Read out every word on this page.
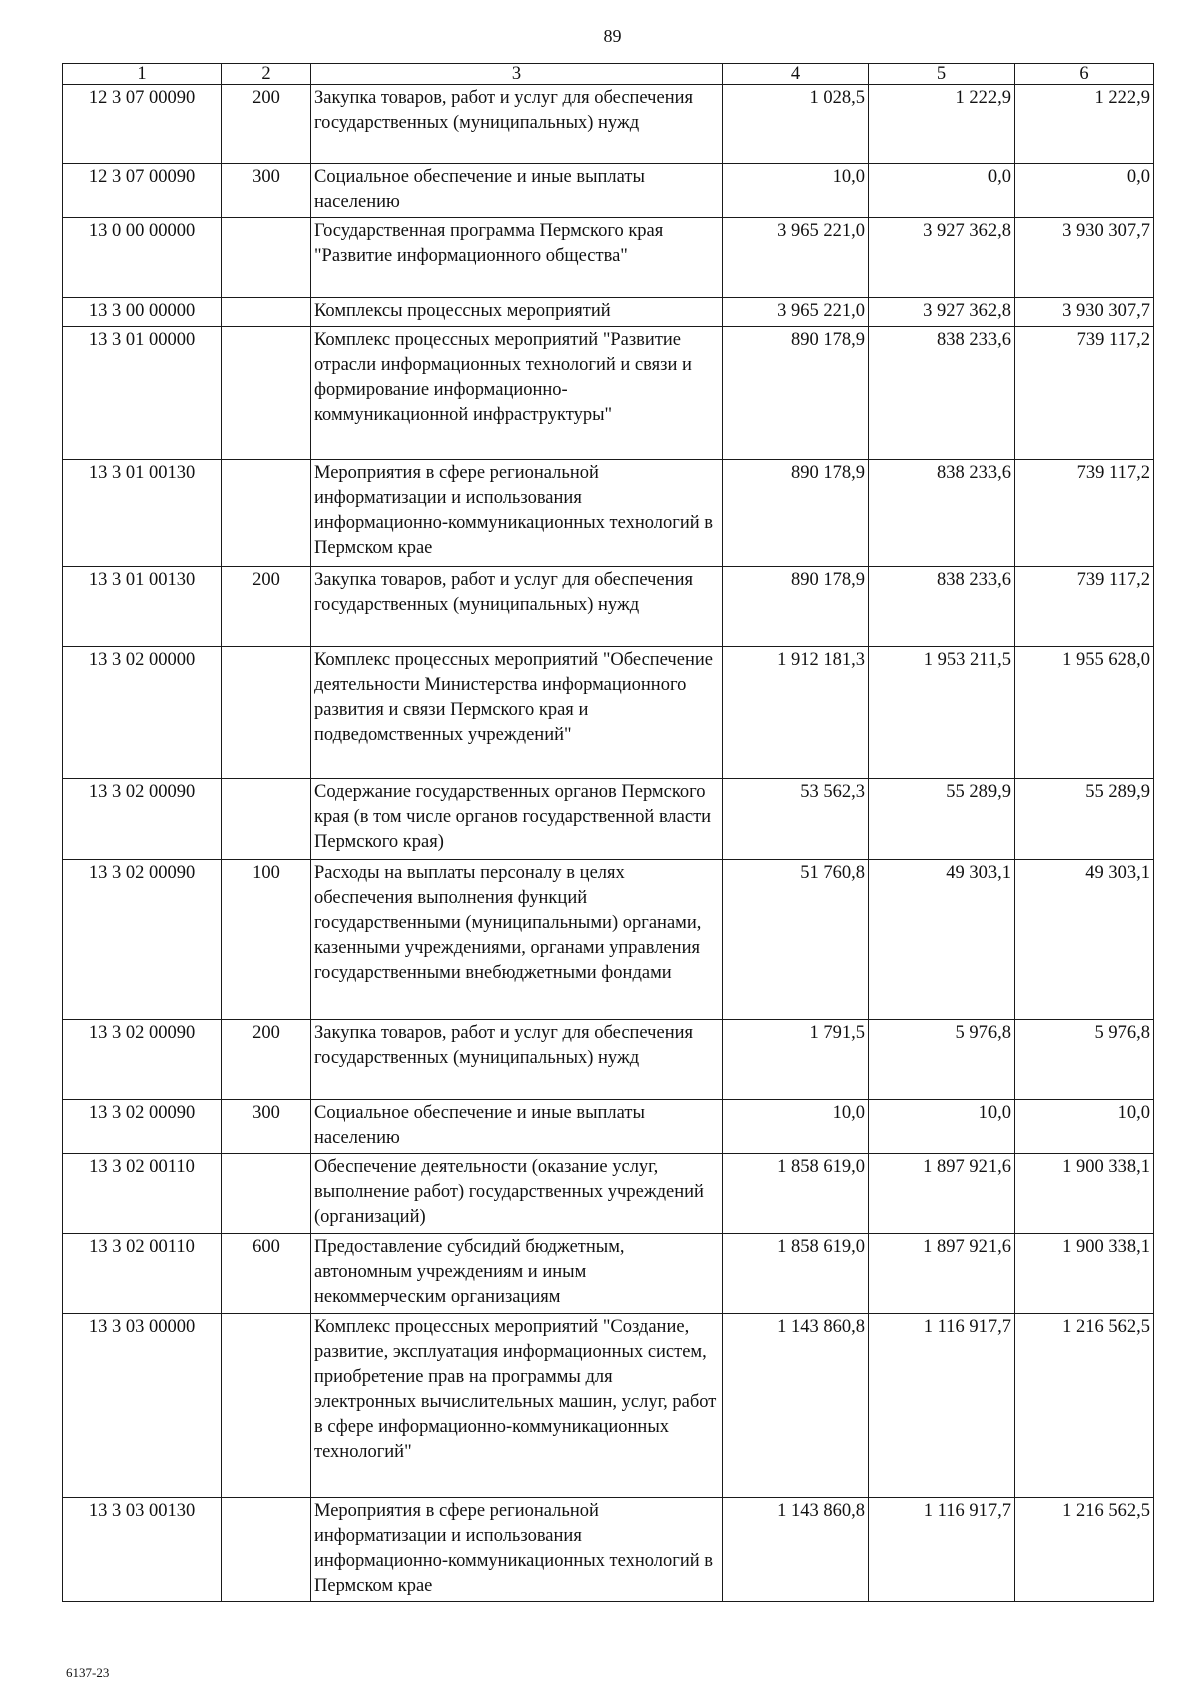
89
1	2	3	4	5	6
12 3 07 00090	200	Закупка товаров, работ и услуг для обеспечения государственных (муниципальных) нужд	1 028,5	1 222,9	1 222,9
12 3 07 00090	300	Социальное обеспечение и иные выплаты населению	10,0	0,0	0,0
13 0 00 00000		Государственная программа Пермского края "Развитие информационного общества"	3 965 221,0	3 927 362,8	3 930 307,7
13 3 00 00000		Комплексы процессных мероприятий	3 965 221,0	3 927 362,8	3 930 307,7
13 3 01 00000		Комплекс процессных мероприятий "Развитие отрасли информационных технологий и связи и формирование информационно-коммуникационной инфраструктуры"	890 178,9	838 233,6	739 117,2
13 3 01 00130		Мероприятия в сфере региональной информатизации и использования информационно-коммуникационных технологий в Пермском крае	890 178,9	838 233,6	739 117,2
13 3 01 00130	200	Закупка товаров, работ и услуг для обеспечения государственных (муниципальных) нужд	890 178,9	838 233,6	739 117,2
13 3 02 00000		Комплекс процессных мероприятий "Обеспечение деятельности Министерства информационного развития и связи Пермского края и подведомственных учреждений"	1 912 181,3	1 953 211,5	1 955 628,0
13 3 02 00090		Содержание государственных органов Пермского края (в том числе органов государственной власти Пермского края)	53 562,3	55 289,9	55 289,9
13 3 02 00090	100	Расходы на выплаты персоналу в целях обеспечения выполнения функций государственными (муниципальными) органами, казенными учреждениями, органами управления государственными внебюджетными фондами	51 760,8	49 303,1	49 303,1
13 3 02 00090	200	Закупка товаров, работ и услуг для обеспечения государственных (муниципальных) нужд	1 791,5	5 976,8	5 976,8
13 3 02 00090	300	Социальное обеспечение и иные выплаты населению	10,0	10,0	10,0
13 3 02 00110		Обеспечение деятельности (оказание услуг, выполнение работ) государственных учреждений (организаций)	1 858 619,0	1 897 921,6	1 900 338,1
13 3 02 00110	600	Предоставление субсидий бюджетным, автономным учреждениям и иным некоммерческим организациям	1 858 619,0	1 897 921,6	1 900 338,1
13 3 03 00000		Комплекс процессных мероприятий "Создание, развитие, эксплуатация информационных систем, приобретение прав на программы для электронных вычислительных машин, услуг, работ в сфере информационно-коммуникационных технологий"	1 143 860,8	1 116 917,7	1 216 562,5
13 3 03 00130		Мероприятия в сфере региональной информатизации и использования информационно-коммуникационных технологий в Пермском крае	1 143 860,8	1 116 917,7	1 216 562,5
6137-23
